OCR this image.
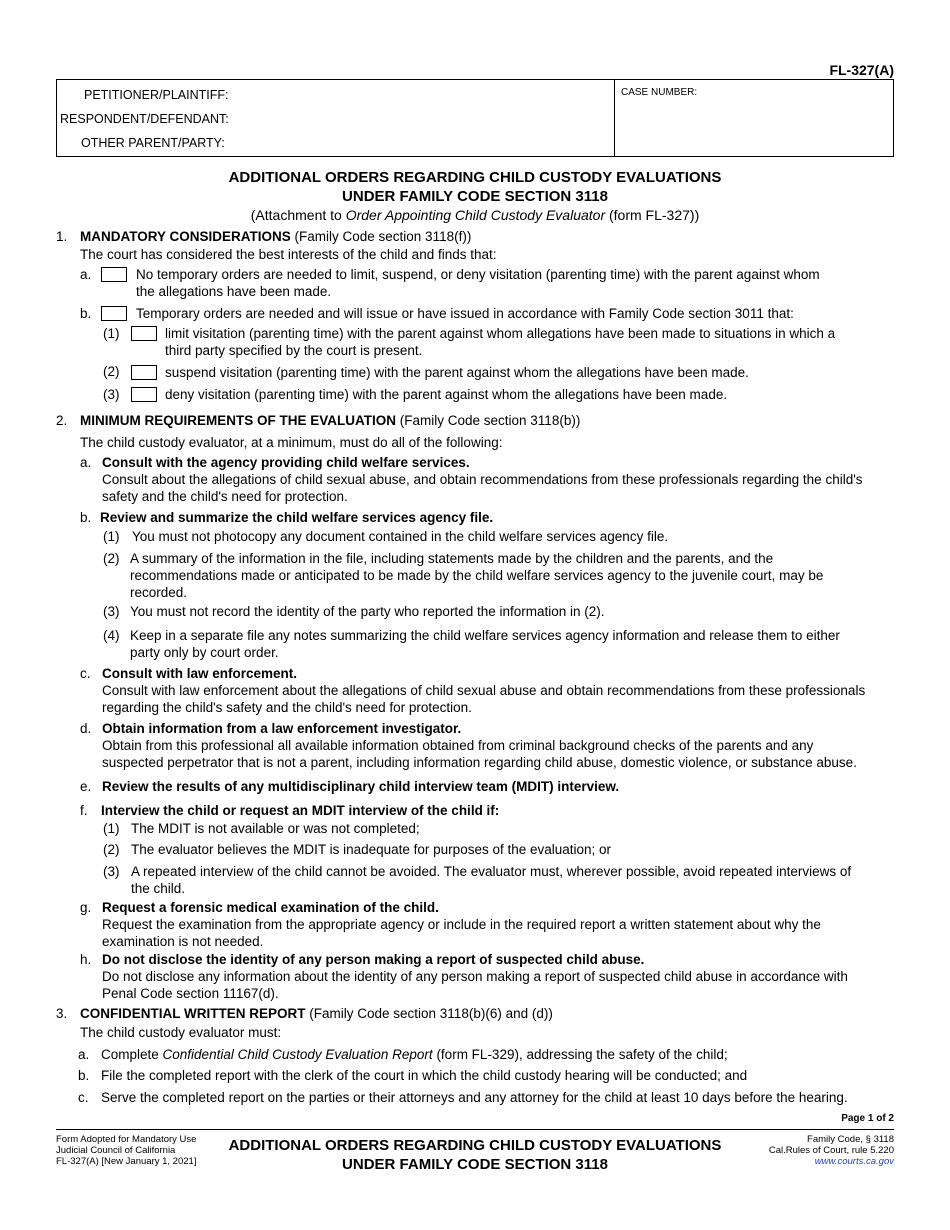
FL-327(A)
PETITIONER/PLAINTIFF:
RESPONDENT/DEFENDANT:
OTHER PARENT/PARTY:
CASE NUMBER:
ADDITIONAL ORDERS REGARDING CHILD CUSTODY EVALUATIONS
UNDER FAMILY CODE SECTION 3118
(Attachment to Order Appointing Child Custody Evaluator (form FL-327))
1. MANDATORY CONSIDERATIONS (Family Code section 3118(f))
The court has considered the best interests of the child and finds that:
a.	No temporary orders are needed to limit, suspend, or deny visitation (parenting time) with the parent against whom
the allegations have been made.
b.	Temporary orders are needed and will issue or have issued in accordance with Family Code section 3011 that:
(1)	limit visitation (parenting time) with the parent against whom allegations have been made to situations in which a
third party specified by the court is present.
(2)	suspend visitation (parenting time) with the parent against whom the allegations have been made.
(3)	deny visitation (parenting time) with the parent against whom the allegations have been made.
2. MINIMUM REQUIREMENTS OF THE EVALUATION (Family Code section 3118(b))
The child custody evaluator, at a minimum, must do all of the following:
a. Consult with the agency providing child welfare services.
Consult about the allegations of child sexual abuse, and obtain recommendations from these professionals regarding the child's
safety and the child's need for protection.
b. Review and summarize the child welfare services agency file.
(1) You must not photocopy any document contained in the child welfare services agency file.
(2) A summary of the information in the file, including statements made by the children and the parents, and the
recommendations made or anticipated to be made by the child welfare services agency to the juvenile court, may be
recorded.
(3) You must not record the identity of the party who reported the information in (2).
(4) Keep in a separate file any notes summarizing the child welfare services agency information and release them to either
party only by court order.
c. Consult with law enforcement.
Consult with law enforcement about the allegations of child sexual abuse and obtain recommendations from these professionals
regarding the child's safety and the child's need for protection.
d. Obtain information from a law enforcement investigator.
Obtain from this professional all available information obtained from criminal background checks of the parents and any
suspected perpetrator that is not a parent, including information regarding child abuse, domestic violence, or substance abuse.
e. Review the results of any multidisciplinary child interview team (MDIT) interview.
f. Interview the child or request an MDIT interview of the child if:
(1) The MDIT is not available or was not completed;
(2) The evaluator believes the MDIT is inadequate for purposes of the evaluation; or
(3) A repeated interview of the child cannot be avoided. The evaluator must, wherever possible, avoid repeated interviews of
the child.
g. Request a forensic medical examination of the child.
Request the examination from the appropriate agency or include in the required report a written statement about why the
examination is not needed.
h. Do not disclose the identity of any person making a report of suspected child abuse.
Do not disclose any information about the identity of any person making a report of suspected child abuse in accordance with
Penal Code section 11167(d).
3. CONFIDENTIAL WRITTEN REPORT (Family Code section 3118(b)(6) and (d))
The child custody evaluator must:
a. Complete Confidential Child Custody Evaluation Report (form FL-329), addressing the safety of the child;
b. File the completed report with the clerk of the court in which the child custody hearing will be conducted; and
c. Serve the completed report on the parties or their attorneys and any attorney for the child at least 10 days before the hearing.
Page 1 of 2
Form Adopted for Mandatory Use
Judicial Council of California
FL-327(A) [New January 1, 2021]
ADDITIONAL ORDERS REGARDING CHILD CUSTODY EVALUATIONS
UNDER FAMILY CODE SECTION 3118
Family Code, § 3118
Cal.Rules of Court, rule 5.220
www.courts.ca.gov
